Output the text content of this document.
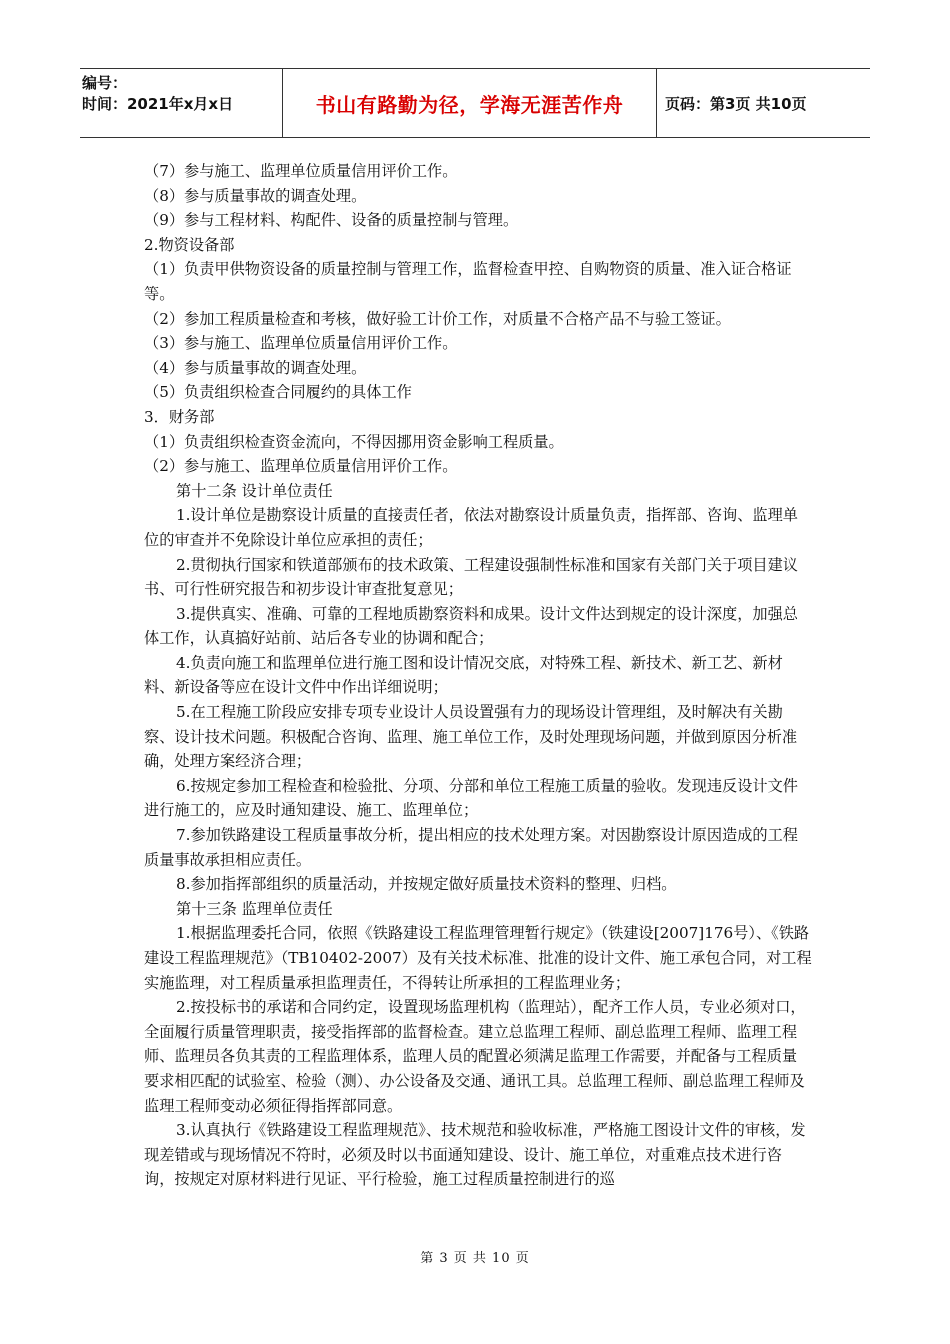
编号：
时间：2021年x月x日	书山有路勤为径，学海无涯苦作舟	页码：第3页 共10页

（7）参与施工、监理单位质量信用评价工作。

（8）参与质量事故的调查处理。

（9）参与工程材料、构配件、设备的质量控制与管理。

2.物资设备部

（1）负责甲供物资设备的质量控制与管理工作，监督检查甲控、自购物资的质量、准入证合格证等。

（2）参加工程质量检查和考核，做好验工计价工作，对质量不合格产品不与验工签证。

（3）参与施工、监理单位质量信用评价工作。

（4）参与质量事故的调查处理。

（5）负责组织检查合同履约的具体工作

3．财务部

（1）负责组织检查资金流向，不得因挪用资金影响工程质量。

（2）参与施工、监理单位质量信用评价工作。

第十二条 设计单位责任

1.设计单位是勘察设计质量的直接责任者，依法对勘察设计质量负责，指挥部、咨询、监理单位的审查并不免除设计单位应承担的责任；

2.贯彻执行国家和铁道部颁布的技术政策、工程建设强制性标准和国家有关部门关于项目建议书、可行性研究报告和初步设计审查批复意见；

3.提供真实、准确、可靠的工程地质勘察资料和成果。设计文件达到规定的设计深度，加强总体工作，认真搞好站前、站后各专业的协调和配合；

4.负责向施工和监理单位进行施工图和设计情况交底，对特殊工程、新技术、新工艺、新材料、新设备等应在设计文件中作出详细说明；

5.在工程施工阶段应安排专项专业设计人员设置强有力的现场设计管理组，及时解决有关勘察、设计技术问题。积极配合咨询、监理、施工单位工作，及时处理现场问题，并做到原因分析准确，处理方案经济合理；

6.按规定参加工程检查和检验批、分项、分部和单位工程施工质量的验收。发现违反设计文件进行施工的，应及时通知建设、施工、监理单位；

7.参加铁路建设工程质量事故分析，提出相应的技术处理方案。对因勘察设计原因造成的工程质量事故承担相应责任。

8.参加指挥部组织的质量活动，并按规定做好质量技术资料的整理、归档。

第十三条 监理单位责任

1.根据监理委托合同，依照《铁路建设工程监理管理暂行规定》（铁建设[2007]176号）、《铁路建设工程监理规范》（TB10402-2007）及有关技术标准、批准的设计文件、施工承包合同，对工程实施监理，对工程质量承担监理责任，不得转让所承担的工程监理业务；

2.按投标书的承诺和合同约定，设置现场监理机构（监理站），配齐工作人员，专业必须对口，全面履行质量管理职责，接受指挥部的监督检查。建立总监理工程师、副总监理工程师、监理工程师、监理员各负其责的工程监理体系，监理人员的配置必须满足监理工作需要，并配备与工程质量要求相匹配的试验室、检验（测）、办公设备及交通、通讯工具。总监理工程师、副总监理工程师及监理工程师变动必须征得指挥部同意。

3.认真执行《铁路建设工程监理规范》、技术规范和验收标准，严格施工图设计文件的审核，发现差错或与现场情况不符时，必须及时以书面通知建设、设计、施工单位，对重难点技术进行咨询，按规定对原材料进行见证、平行检验，施工过程质量控制进行的巡

第 3 页 共 10 页
